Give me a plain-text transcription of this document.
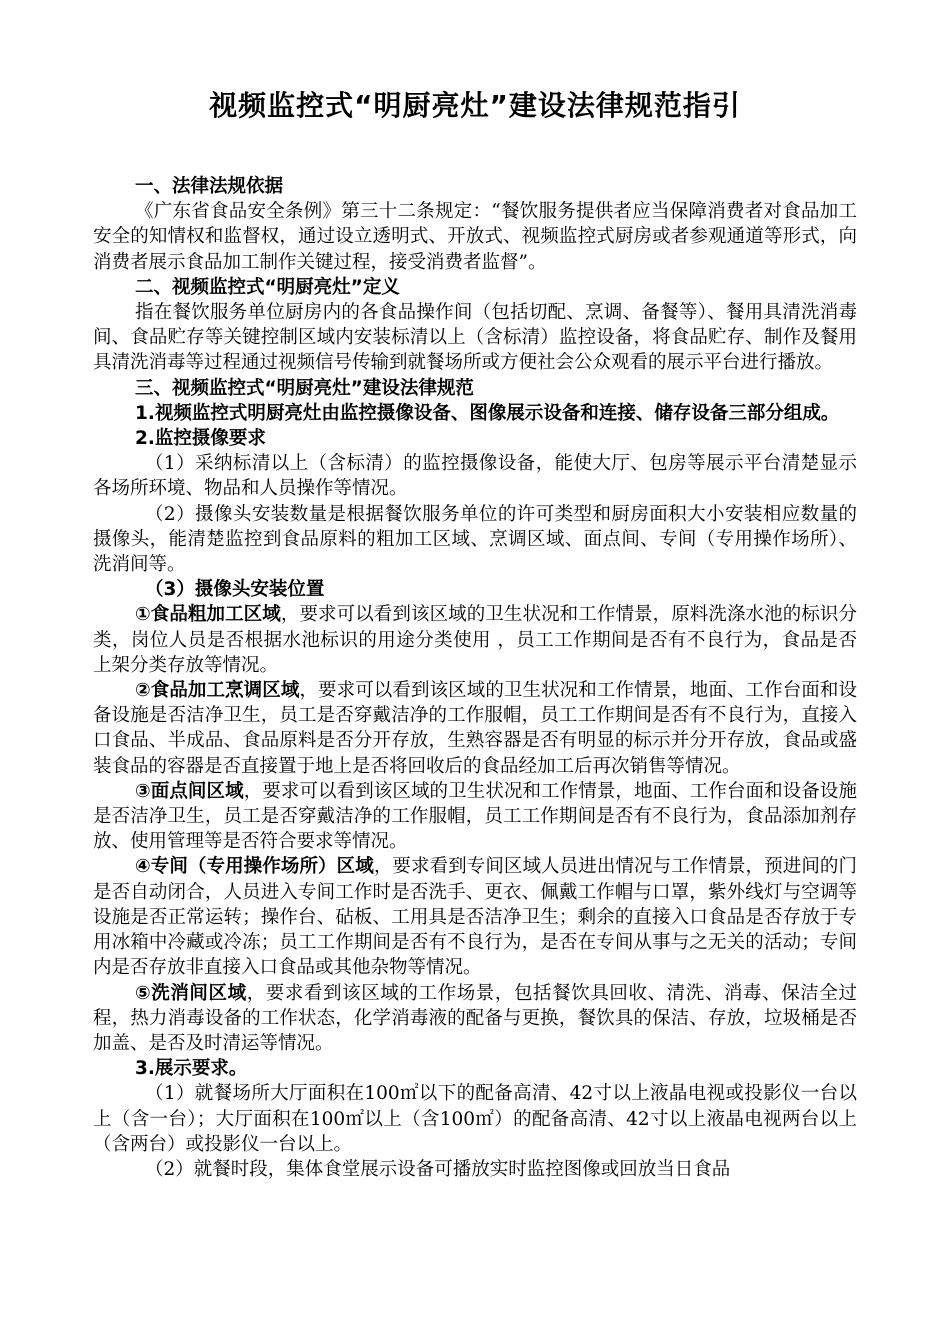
视频监控式“明厨亮灶”建设法律规范指引

一、法律法规依据

《广东省食品安全条例》第三十二条规定：“餐饮服务提供者应当保障消费者对食品加工安全的知情权和监督权，通过设立透明式、开放式、视频监控式厨房或者参观通道等形式，向消费者展示食品加工制作关键过程，接受消费者监督”。

二、视频监控式“明厨亮灶”定义

指在餐饮服务单位厨房内的各食品操作间（包括切配、烹调、备餐等）、餐用具清洗消毒间、食品贮存等关键控制区域内安装标清以上（含标清）监控设备，将食品贮存、制作及餐用具清洗消毒等过程通过视频信号传输到就餐场所或方便社会公众观看的展示平台进行播放。

三、视频监控式“明厨亮灶”建设法律规范

1.视频监控式明厨亮灶由监控摄像设备、图像展示设备和连接、储存设备三部分组成。

2.监控摄像要求

（1）采纳标清以上（含标清）的监控摄像设备，能使大厅、包房等展示平台清楚显示各场所环境、物品和人员操作等情况。

（2）摄像头安装数量是根据餐饮服务单位的许可类型和厨房面积大小安装相应数量的摄像头，能清楚监控到食品原料的粗加工区域、烹调区域、面点间、专间（专用操作场所）、洗消间等。

（3）摄像头安装位置

①食品粗加工区域，要求可以看到该区域的卫生状况和工作情景，原料洗涤水池的标识分类，岗位人员是否根据水池标识的用途分类使用 ，员工工作期间是否有不良行为，食品是否上架分类存放等情况。

②食品加工烹调区域，要求可以看到该区域的卫生状况和工作情景，地面、工作台面和设备设施是否洁净卫生，员工是否穿戴洁净的工作服帽，员工工作期间是否有不良行为，直接入口食品、半成品、食品原料是否分开存放，生熟容器是否有明显的标示并分开存放，食品或盛装食品的容器是否直接置于地上是否将回收后的食品经加工后再次销售等情况。

③面点间区域，要求可以看到该区域的卫生状况和工作情景，地面、工作台面和设备设施是否洁净卫生，员工是否穿戴洁净的工作服帽，员工工作期间是否有不良行为，食品添加剂存放、使用管理等是否符合要求等情况。

④专间（专用操作场所）区域，要求看到专间区域人员进出情况与工作情景，预进间的门是否自动闭合，人员进入专间工作时是否洗手、更衣、佩戴工作帽与口罩，紫外线灯与空调等设施是否正常运转；操作台、砧板、工用具是否洁净卫生；剩余的直接入口食品是否存放于专用冰箱中冷藏或冷冻；员工工作期间是否有不良行为，是否在专间从事与之无关的活动；专间内是否存放非直接入口食品或其他杂物等情况。

⑤洗消间区域，要求看到该区域的工作场景，包括餐饮具回收、清洗、消毒、保洁全过程，热力消毒设备的工作状态，化学消毒液的配备与更换，餐饮具的保洁、存放，垃圾桶是否加盖、是否及时清运等情况。

3.展示要求。

（1）就餐场所大厅面积在100㎡以下的配备高清、42寸以上液晶电视或投影仪一台以上（含一台）；大厅面积在100㎡以上（含100㎡）的配备高清、42寸以上液晶电视两台以上（含两台）或投影仪一台以上。

（2）就餐时段，集体食堂展示设备可播放实时监控图像或回放当日食品
